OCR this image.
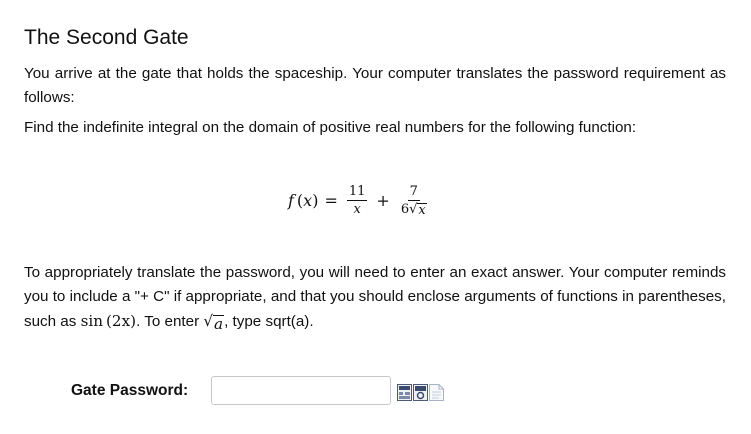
The Second Gate

You arrive at the gate that holds the spaceship. Your computer translates the password requirement as follows:

Find the indefinite integral on the domain of positive real numbers for the following function:

f ( x ) = $\frac{11}{x} + \frac{7}{6 √ x}$

To appropriately translate the password, you will need to enter an exact answer. Your computer reminds you to include a "+ C" if appropriate, and that you should enclose arguments of functions in parentheses, such as sin (2x). To enter √ a , type sqrt(a).

Gate Password:
